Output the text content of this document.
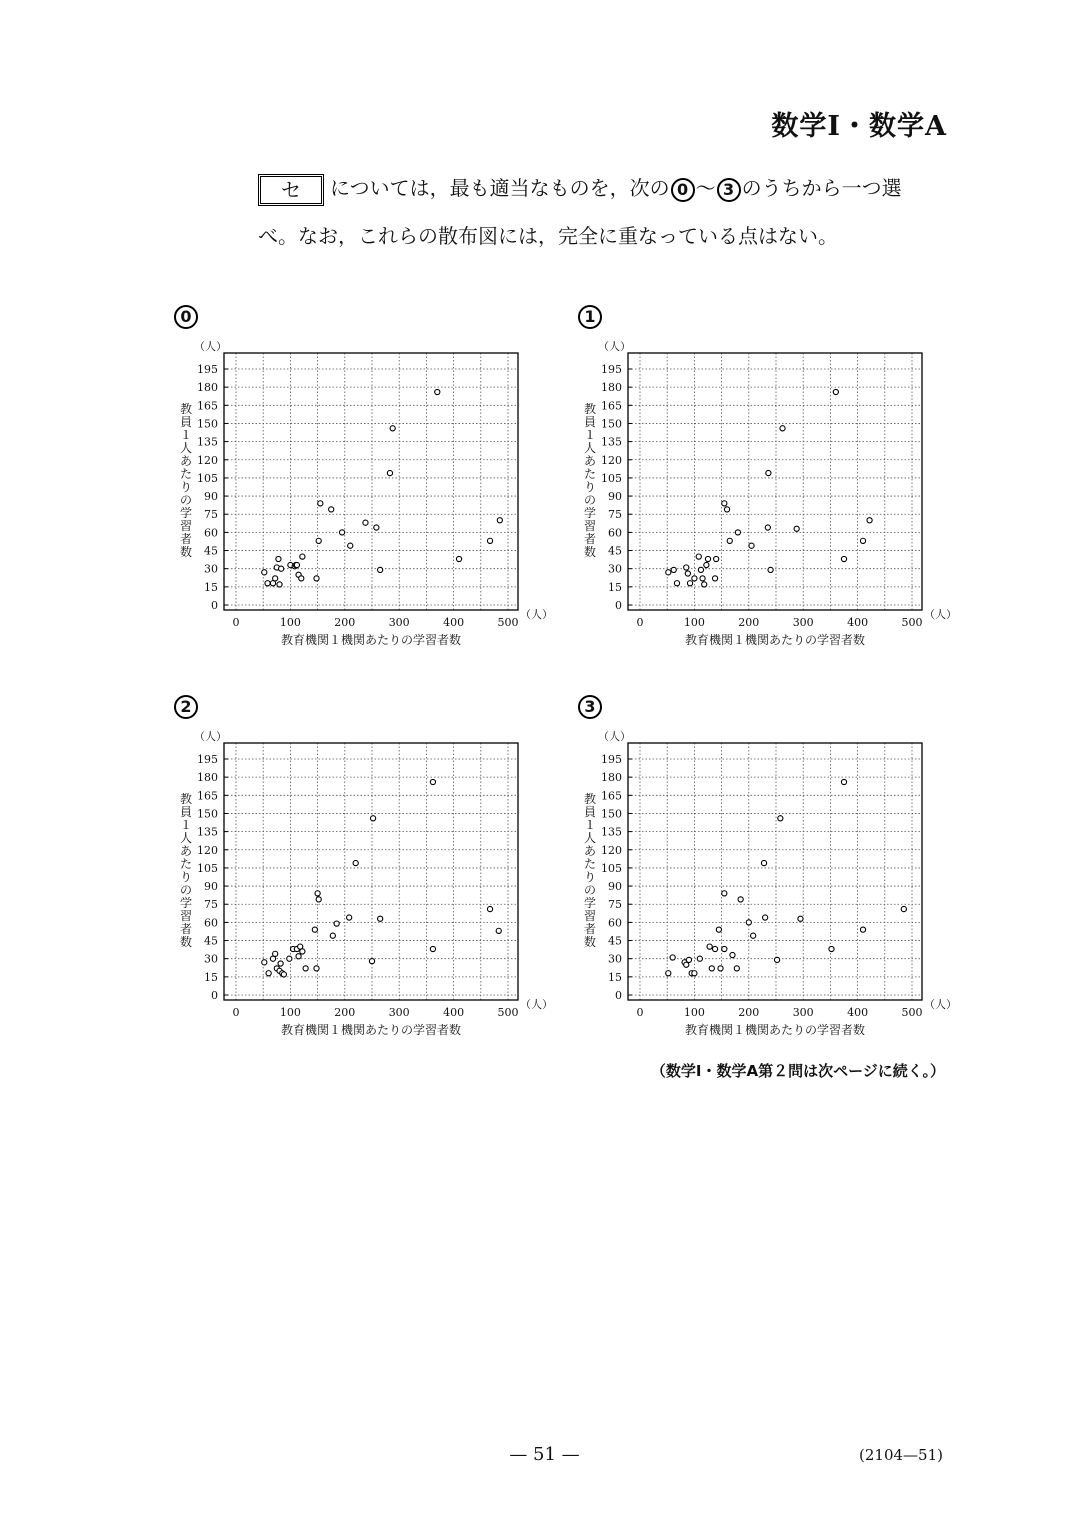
数学Ⅰ・数学A
セ については，最も適当なものを，次の 0 ～ 3 のうちから一つ選
べ。なお，これらの散布図には，完全に重なっている点はない。
0	1
2	3
0
15
30
45
60
75
90
105
120
135
150
165
180
195
0	100	200	300	400	500
（人）
（人）
教育機関１機関あたりの学習者数
教員１人あたりの学習者数
0
15
30
45
60
75
90
105
120
135
150
165
180
195
0	100	200	300	400	500
（人）
（人）
教育機関１機関あたりの学習者数
教員１人あたりの学習者数
0
15
30
45
60
75
90
105
120
135
150
165
180
195
0	100	200	300	400	500
（人）
（人）
教育機関１機関あたりの学習者数
教員１人あたりの学習者数
0
15
30
45
60
75
90
105
120
135
150
165
180
195
0	100	200	300	400	500
（人）
（人）
教育機関１機関あたりの学習者数
教員１人あたりの学習者数
（数学Ⅰ・数学A第２問は次ページに続く。）
— 51 —	(2104—51)
